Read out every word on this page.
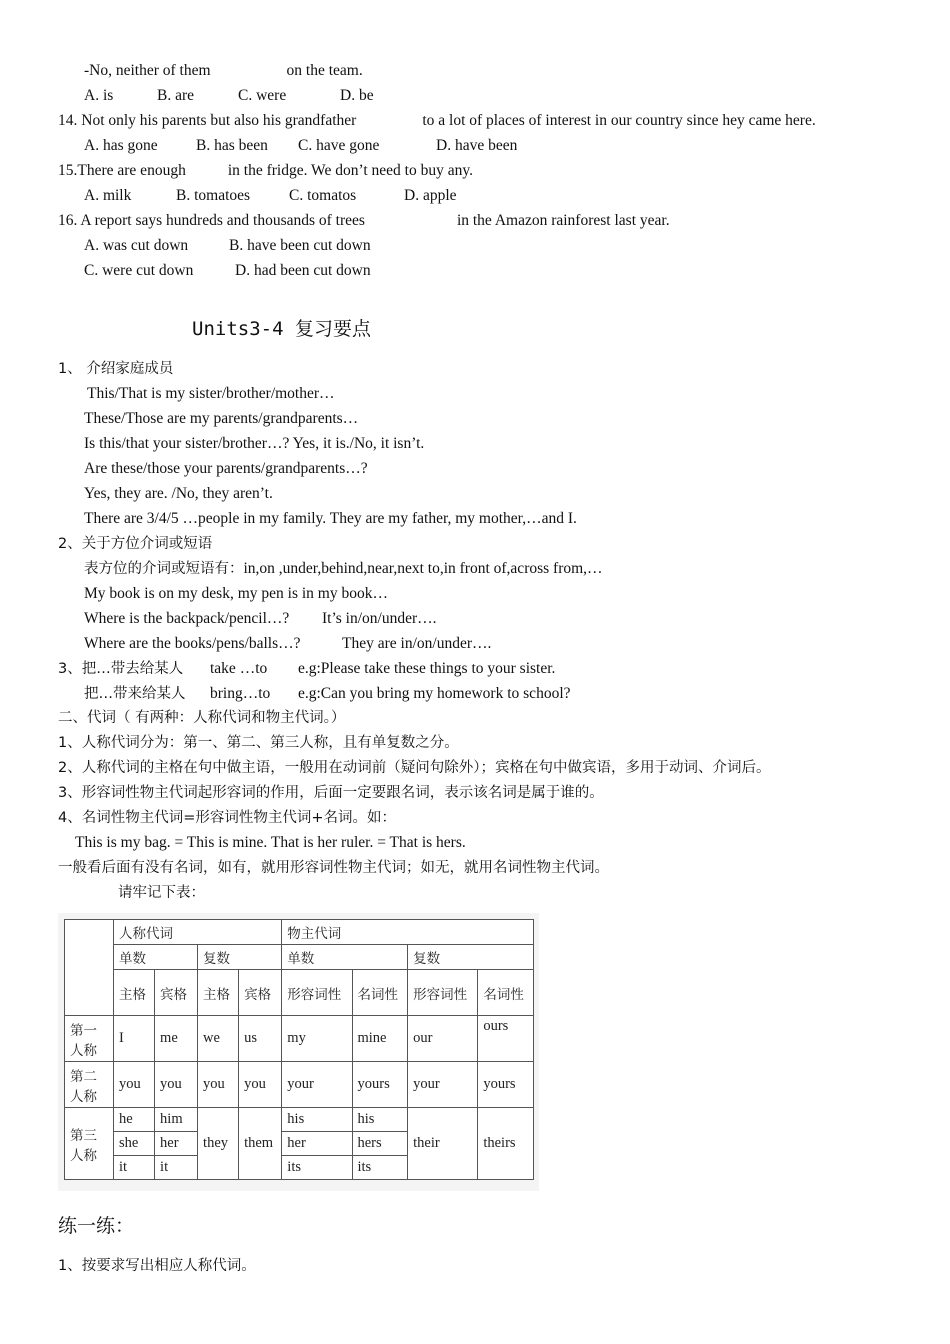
-No, neither of them	on the team.
A. is	B. are	C. were	D. be
14. Not only his parents but also his grandfather	to a lot of places of interest in our country since hey came here.
A. has gone B. has been C. have gone	D. have been
15.There are enough	in the fridge. We don’t need to buy any.
A. milk	B. tomatoes	C. tomatos	D. apple
16. A report says hundreds and thousands of trees	in the Amazon rainforest last year.
A. was cut down	B. have been cut down
C. were cut down	D. had been cut down
Units3-4 复习要点
1、 介绍家庭成员
This/That is my sister/brother/mother…
These/Those are my parents/grandparents…
Is this/that your sister/brother…? Yes, it is./No, it isn’t.
Are these/those your parents/grandparents…?
Yes, they are. /No, they aren’t.
There are 3/4/5 …people in my family. They are my father, my mother,…and I.
2、关于方位介词或短语
表方位的介词或短语有：in,on ,under,behind,near,next to,in front of,across from,…
My book is on my desk, my pen is in my book…
Where is the backpack/pencil…? It’s in/on/under….
Where are the books/pens/balls…?	They are in/on/under….
3、把…带去给某人 take …to e.g:Please take these things to your sister.
把…带来给某人 bring…to e.g:Can you bring my homework to school?
二、代词（ 有两种：人称代词和物主代词。）
1、人称代词分为：第一、第二、第三人称，且有单复数之分。
2、人称代词的主格在句中做主语，一般用在动词前（疑问句除外）；宾格在句中做宾语，多用于动词、介词后。
3、形容词性物主代词起形容词的作用，后面一定要跟名词，表示该名词是属于谁的。
4、名词性物主代词=形容词性物主代词+名词。如：
This is my bag. = This is mine. That is her ruler. = That is hers.
一般看后面有没有名词，如有，就用形容词性物主代词；如无，就用名词性物主代词。
请牢记下表：
	人称代词				物主代词			
	单数		复数		单数		复数	
	主格	宾格	主格	宾格	形容词性	名词性	形容词性	名词性
第一人称	I	me	we	us	my	mine	our	ours
第二人称	you	you	you	you	your	yours	your	yours
第三人称	he	him	they	them	his	his	their	theirs
	she	her			her	hers		
	it	it			its	its		
练一练：
1、按要求写出相应人称代词。
